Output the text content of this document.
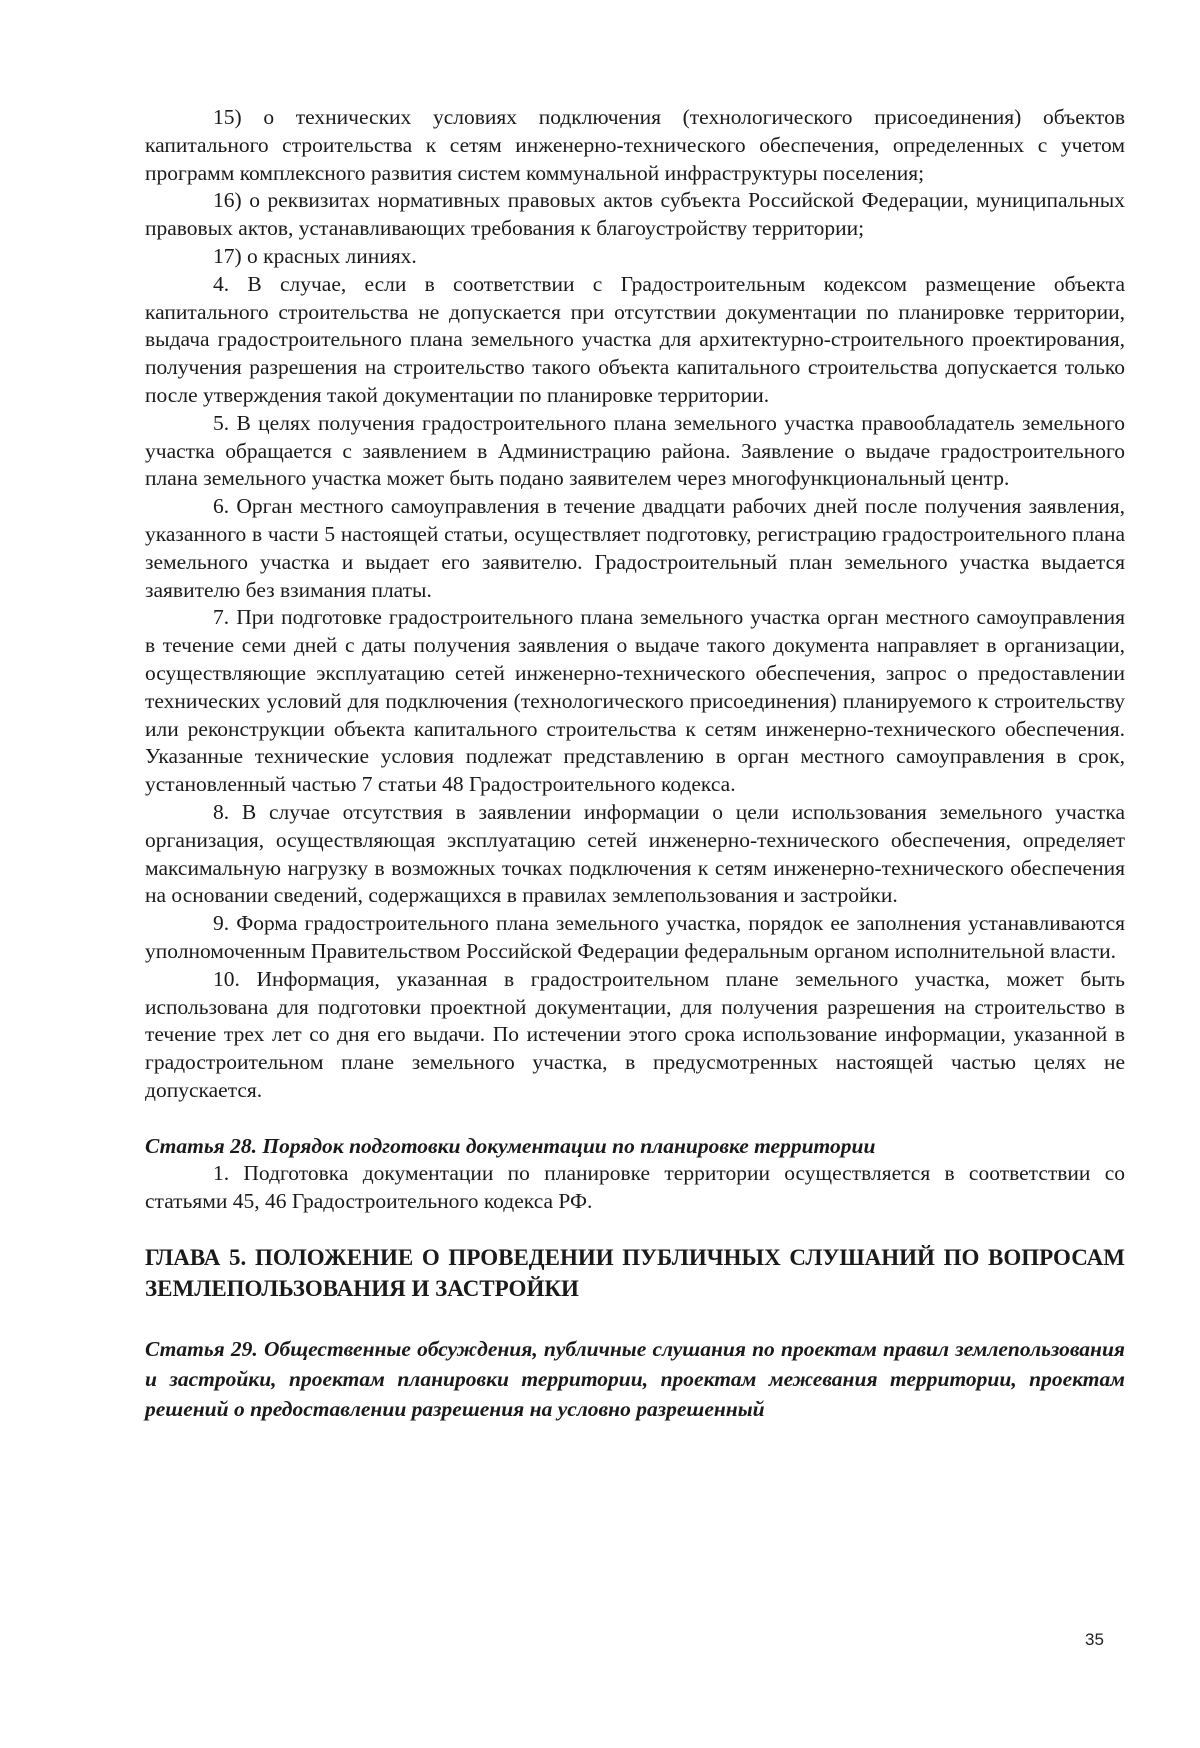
15) о технических условиях подключения (технологического присоединения) объектов капитального строительства к сетям инженерно-технического обеспечения, определенных с учетом программ комплексного развития систем коммунальной инфраструктуры поселения;

16) о реквизитах нормативных правовых актов субъекта Российской Федерации, муниципальных правовых актов, устанавливающих требования к благоустройству территории;

17) о красных линиях.

4. В случае, если в соответствии с Градостроительным кодексом размещение объекта капитального строительства не допускается при отсутствии документации по планировке территории, выдача градостроительного плана земельного участка для архитектурно-строительного проектирования, получения разрешения на строительство такого объекта капитального строительства допускается только после утверждения такой документации по планировке территории.

5. В целях получения градостроительного плана земельного участка правообладатель земельного участка обращается с заявлением в Администрацию района. Заявление о выдаче градостроительного плана земельного участка может быть подано заявителем через многофункциональный центр.

6. Орган местного самоуправления в течение двадцати рабочих дней после получения заявления, указанного в части 5 настоящей статьи, осуществляет подготовку, регистрацию градостроительного плана земельного участка и выдает его заявителю. Градостроительный план земельного участка выдается заявителю без взимания платы.

7. При подготовке градостроительного плана земельного участка орган местного самоуправления в течение семи дней с даты получения заявления о выдаче такого документа направляет в организации, осуществляющие эксплуатацию сетей инженерно-технического обеспечения, запрос о предоставлении технических условий для подключения (технологического присоединения) планируемого к строительству или реконструкции объекта капитального строительства к сетям инженерно-технического обеспечения. Указанные технические условия подлежат представлению в орган местного самоуправления в срок, установленный частью 7 статьи 48 Градостроительного кодекса.

8. В случае отсутствия в заявлении информации о цели использования земельного участка организация, осуществляющая эксплуатацию сетей инженерно-технического обеспечения, определяет максимальную нагрузку в возможных точках подключения к сетям инженерно-технического обеспечения на основании сведений, содержащихся в правилах землепользования и застройки.

9. Форма градостроительного плана земельного участка, порядок ее заполнения устанавливаются уполномоченным Правительством Российской Федерации федеральным органом исполнительной власти.

10. Информация, указанная в градостроительном плане земельного участка, может быть использована для подготовки проектной документации, для получения разрешения на строительство в течение трех лет со дня его выдачи. По истечении этого срока использование информации, указанной в градостроительном плане земельного участка, в предусмотренных настоящей частью целях не допускается.

Статья 28. Порядок подготовки документации по планировке территории

1. Подготовка документации по планировке территории осуществляется в соответствии со статьями 45, 46 Градостроительного кодекса РФ.

ГЛАВА 5. ПОЛОЖЕНИЕ О ПРОВЕДЕНИИ ПУБЛИЧНЫХ СЛУШАНИЙ ПО ВОПРОСАМ ЗЕМЛЕПОЛЬЗОВАНИЯ И ЗАСТРОЙКИ

Статья 29. Общественные обсуждения, публичные слушания по проектам правил землепользования и застройки, проектам планировки территории, проектам межевания территории, проектам решений о предоставлении разрешения на условно разрешенный

35
